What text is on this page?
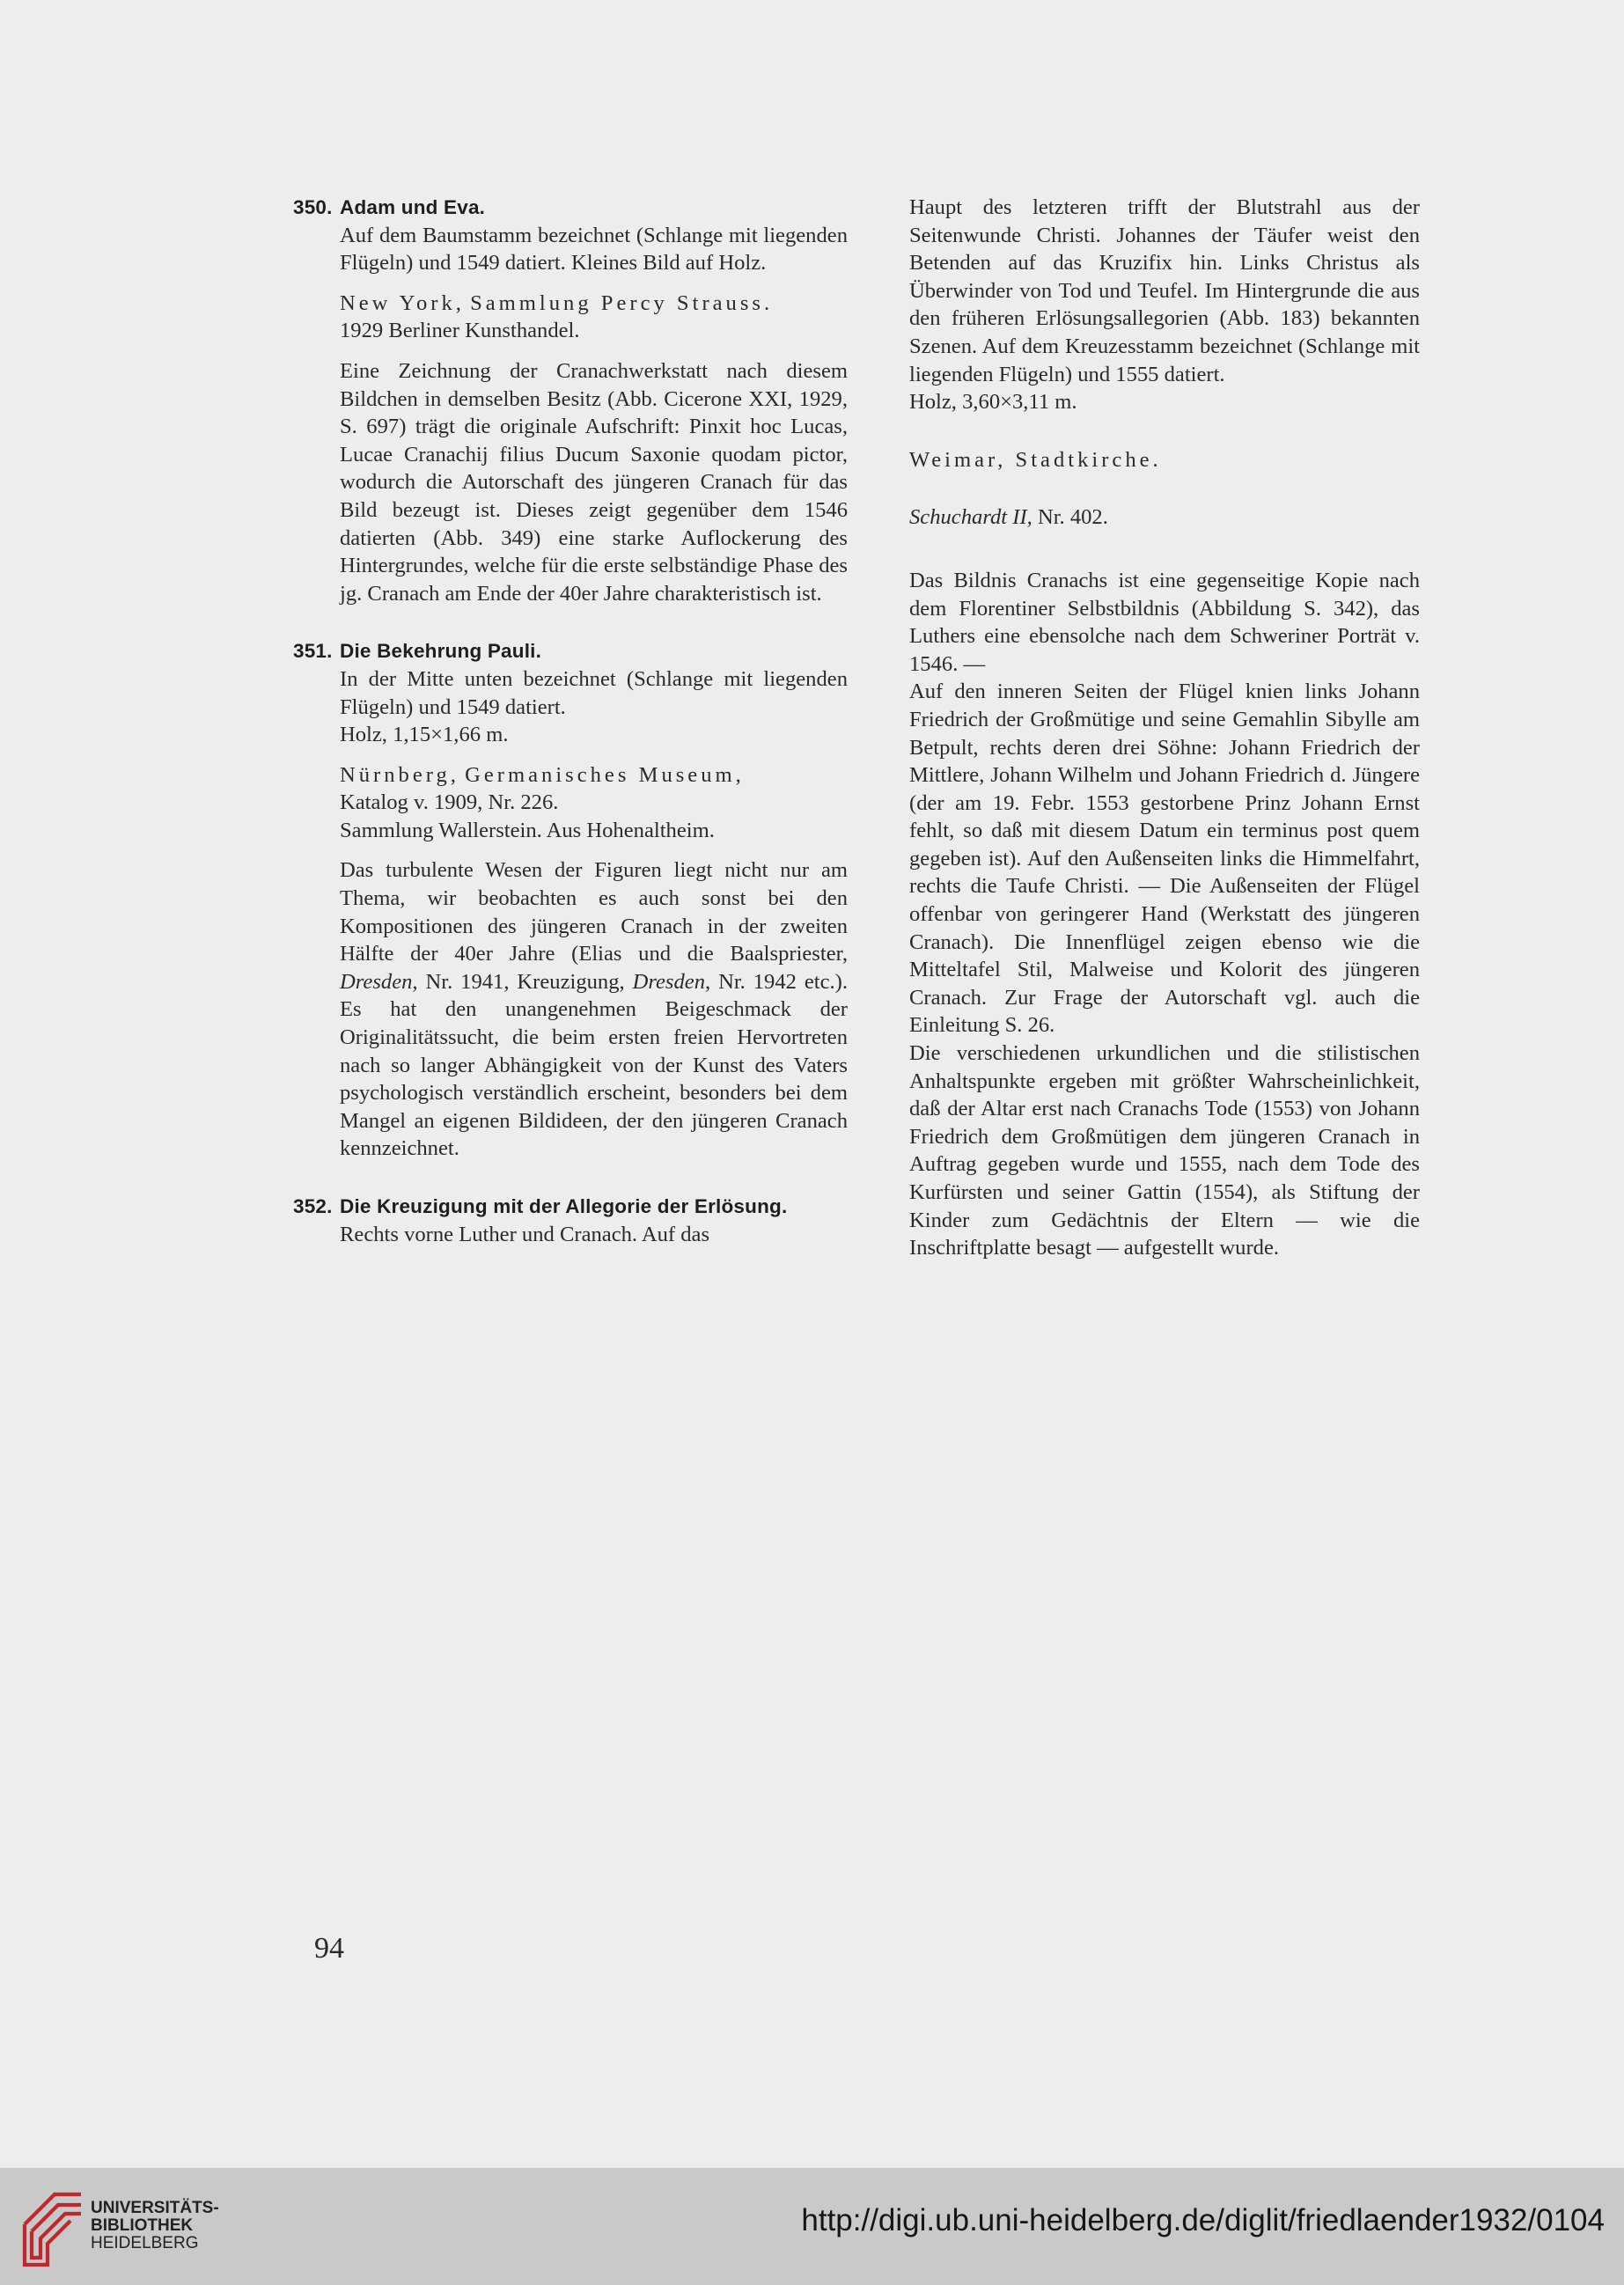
350. Adam und Eva.

Auf dem Baumstamm bezeichnet (Schlange mit liegenden Flügeln) und 1549 datiert. Kleines Bild auf Holz.

New York, Sammlung Percy Strauss.
1929 Berliner Kunsthandel.

Eine Zeichnung der Cranachwerkstatt nach diesem Bildchen in demselben Besitz (Abb. Cicerone XXI, 1929, S. 697) trägt die originale Aufschrift: Pinxit hoc Lucas, Lucae Cranachij filius Ducum Saxonie quodam pictor, wodurch die Autorschaft des jüngeren Cranach für das Bild bezeugt ist. Dieses zeigt gegenüber dem 1546 datierten (Abb. 349) eine starke Auflockerung des Hintergrundes, welche für die erste selbständige Phase des jg. Cranach am Ende der 40er Jahre charakteristisch ist.

351. Die Bekehrung Pauli.

In der Mitte unten bezeichnet (Schlange mit liegenden Flügeln) und 1549 datiert.
Holz, 1,15×1,66 m.

Nürnberg, Germanisches Museum,
Katalog v. 1909, Nr. 226.
Sammlung Wallerstein. Aus Hohenaltheim.

Das turbulente Wesen der Figuren liegt nicht nur am Thema, wir beobachten es auch sonst bei den Kompositionen des jüngeren Cranach in der zweiten Hälfte der 40er Jahre (Elias und die Baalspriester, Dresden, Nr. 1941, Kreuzigung, Dresden, Nr. 1942 etc.). Es hat den unangenehmen Beigeschmack der Originalitätssucht, die beim ersten freien Hervortreten nach so langer Abhängigkeit von der Kunst des Vaters psychologisch verständlich erscheint, besonders bei dem Mangel an eigenen Bildideen, der den jüngeren Cranach kennzeichnet.

352. Die Kreuzigung mit der Allegorie der Erlösung.

Rechts vorne Luther und Cranach. Auf das

Haupt des letzteren trifft der Blutstrahl aus der Seitenwunde Christi. Johannes der Täufer weist den Betenden auf das Kruzifix hin. Links Christus als Überwinder von Tod und Teufel. Im Hintergrunde die aus den früheren Erlösungsallegorien (Abb. 183) bekannten Szenen. Auf dem Kreuzesstamm bezeichnet (Schlange mit liegenden Flügeln) und 1555 datiert.

Holz, 3,60×3,11 m.

Weimar, Stadtkirche.

Schuchardt II, Nr. 402.

Das Bildnis Cranachs ist eine gegenseitige Kopie nach dem Florentiner Selbstbildnis (Abbildung S. 342), das Luthers eine ebensolche nach dem Schweriner Porträt v. 1546. —

Auf den inneren Seiten der Flügel knien links Johann Friedrich der Großmütige und seine Gemahlin Sibylle am Betpult, rechts deren drei Söhne: Johann Friedrich der Mittlere, Johann Wilhelm und Johann Friedrich d. Jüngere (der am 19. Febr. 1553 gestorbene Prinz Johann Ernst fehlt, so daß mit diesem Datum ein terminus post quem gegeben ist). Auf den Außenseiten links die Himmelfahrt, rechts die Taufe Christi. — Die Außenseiten der Flügel offenbar von geringerer Hand (Werkstatt des jüngeren Cranach). Die Innenflügel zeigen ebenso wie die Mitteltafel Stil, Malweise und Kolorit des jüngeren Cranach. Zur Frage der Autorschaft vgl. auch die Einleitung S. 26.

Die verschiedenen urkundlichen und die stilistischen Anhaltspunkte ergeben mit größter Wahrscheinlichkeit, daß der Altar erst nach Cranachs Tode (1553) von Johann Friedrich dem Großmütigen dem jüngeren Cranach in Auftrag gegeben wurde und 1555, nach dem Tode des Kurfürsten und seiner Gattin (1554), als Stiftung der Kinder zum Gedächtnis der Eltern — wie die Inschriftplatte besagt — aufgestellt wurde.

94
UNIVERSITÄTS-
BIBLIOTHEK
HEIDELBERG
http://digi.ub.uni-heidelberg.de/diglit/friedlaender1932/0104
